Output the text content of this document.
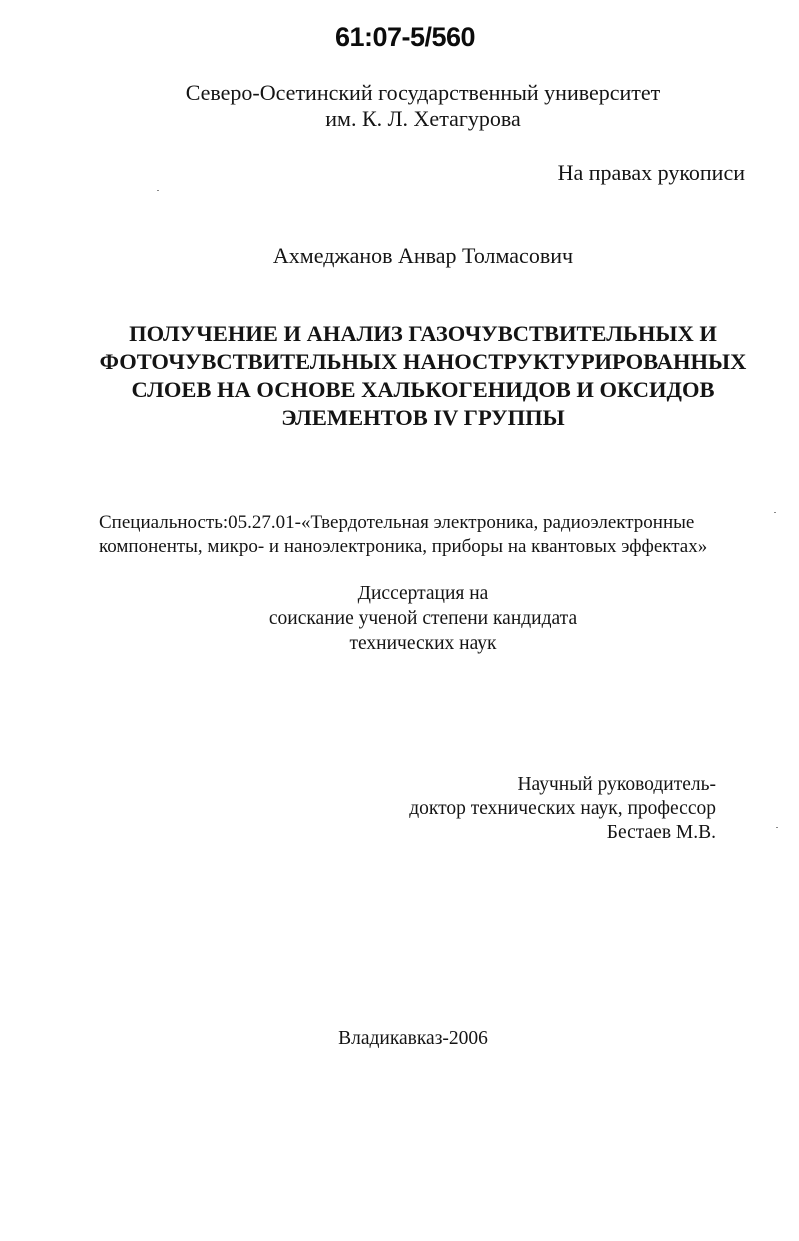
61:07-5/560
Северо-Осетинский государственный университет
им. К. Л. Хетагурова
На правах рукописи
Ахмеджанов Анвар Толмасович
ПОЛУЧЕНИЕ И АНАЛИЗ ГАЗОЧУВСТВИТЕЛЬНЫХ И
ФОТОЧУВСТВИТЕЛЬНЫХ НАНОСТРУКТУРИРОВАННЫХ
СЛОЕВ НА ОСНОВЕ ХАЛЬКОГЕНИДОВ И ОКСИДОВ
ЭЛЕМЕНТОВ IV ГРУППЫ
Специальность:05.27.01-«Твердотельная электроника, радиоэлектронные
компоненты, микро- и наноэлектроника, приборы на квантовых эффектах»
Диссертация на
соискание ученой степени кандидата
технических наук
Научный руководитель-
доктор технических наук, профессор
Бестаев М.В.
Владикавказ-2006
